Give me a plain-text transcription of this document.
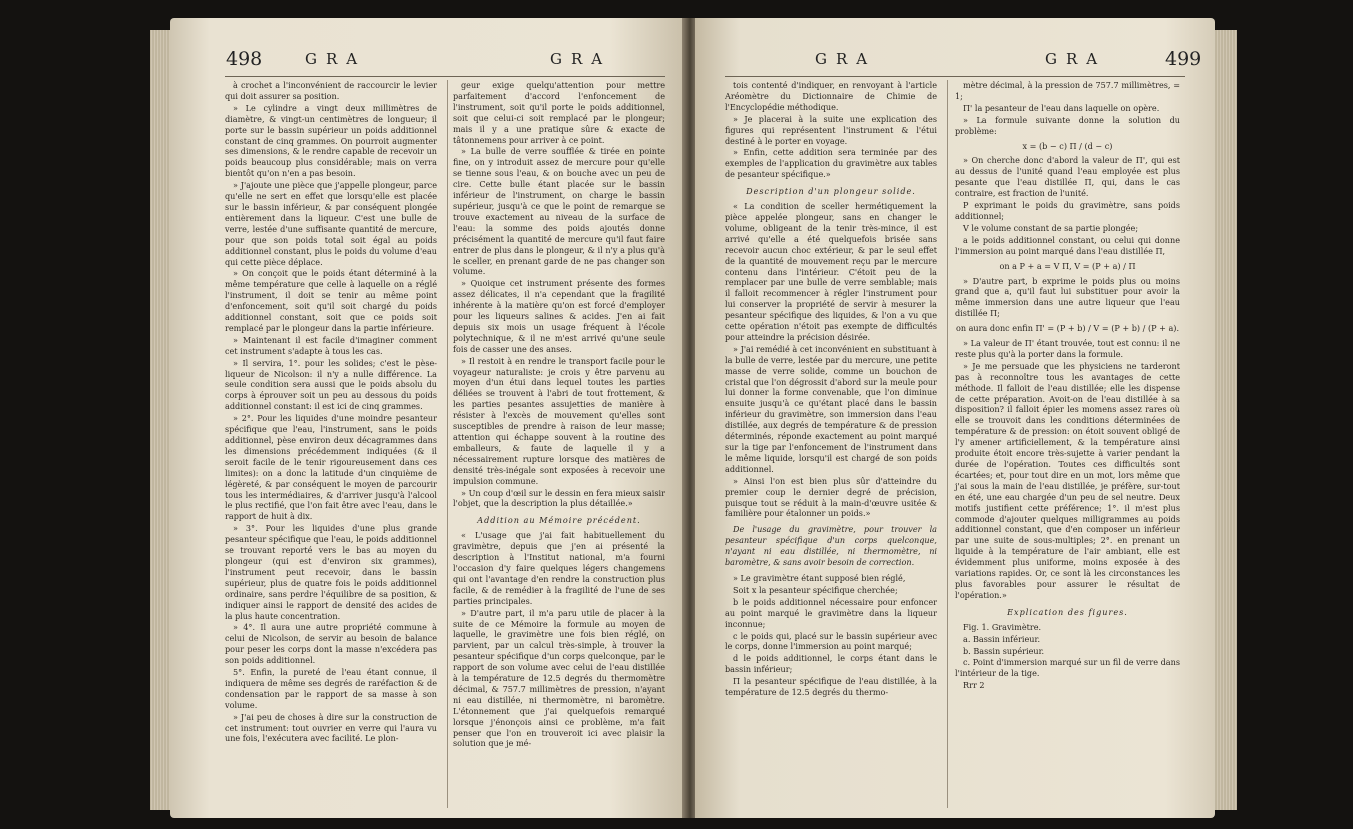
498	GRA	GRA

à crochet a l'inconvénient de raccourcir le levier qui doit assurer sa position.

» Le cylindre a vingt deux millimètres de diamètre, & vingt-un centimètres de longueur; il porte sur le bassin supérieur un poids additionnel constant de cinq grammes. On pourroit augmenter ses dimensions, & le rendre capable de recevoir un poids beaucoup plus considérable; mais on verra bientôt qu'on n'en a pas besoin.

» J'ajoute une pièce que j'appelle plongeur, parce qu'elle ne sert en effet que lorsqu'elle est placée sur le bassin inférieur, & par conséquent plongée entièrement dans la liqueur. C'est une bulle de verre, lestée d'une suffisante quantité de mercure, pour que son poids total soit égal au poids additionnel constant, plus le poids du volume d'eau qui cette pièce déplace.

» On conçoit que le poids étant déterminé à la même température que celle à laquelle on a réglé l'instrument, il doit se tenir au même point d'enfoncement, soit qu'il soit chargé du poids additionnel constant, soit que ce poids soit remplacé par le plongeur dans la partie inférieure.

» Maintenant il est facile d'imaginer comment cet instrument s'adapte à tous les cas.

» Il servira, 1°. pour les solides; c'est le pèse-liqueur de Nicolson: il n'y a nulle différence. La seule condition sera aussi que le poids absolu du corps à éprouver soit un peu au dessous du poids additionnel constant: il est ici de cinq grammes.

» 2°. Pour les liquides d'une moindre pesanteur spécifique que l'eau, l'instrument, sans le poids additionnel, pèse environ deux décagrammes dans les dimensions précédemment indiquées (& il seroit facile de le tenir rigoureusement dans ces limites): on a donc la latitude d'un cinquième de légèreté, & par conséquent le moyen de parcourir tous les intermédiaires, & d'arriver jusqu'à l'alcool le plus rectifié, que l'on fait être avec l'eau, dans le rapport de huit à dix.

» 3°. Pour les liquides d'une plus grande pesanteur spécifique que l'eau, le poids additionnel se trouvant reporté vers le bas au moyen du plongeur (qui est d'environ six grammes), l'instrument peut recevoir, dans le bassin supérieur, plus de quatre fois le poids additionnel ordinaire, sans perdre l'équilibre de sa position, & indiquer ainsi le rapport de densité des acides de la plus haute concentration.

» 4°. Il aura une autre propriété commune à celui de Nicolson, de servir au besoin de balance pour peser les corps dont la masse n'excédera pas son poids additionnel.

5°. Enfin, la pureté de l'eau étant connue, il indiquera de même ses degrés de raréfaction & de condensation par le rapport de sa masse à son volume.

» J'ai peu de choses à dire sur la construction de cet instrument: tout ouvrier en verre qui l'aura vu une fois, l'exécutera avec facilité. Le plon-

geur exige quelqu'attention pour mettre parfaitement d'accord l'enfoncement de l'instrument, soit qu'il porte le poids additionnel, soit que celui-ci soit remplacé par le plongeur; mais il y a une pratique sûre & exacte de tâtonnemens pour arriver à ce point.

» La bulle de verre soufflée & tirée en pointe fine, on y introduit assez de mercure pour qu'elle se tienne sous l'eau, & on bouche avec un peu de cire. Cette bulle étant placée sur le bassin inférieur de l'instrument, on charge le bassin supérieur, jusqu'à ce que le point de remarque se trouve exactement au niveau de la surface de l'eau: la somme des poids ajoutés donne précisément la quantité de mercure qu'il faut faire entrer de plus dans le plongeur, & il n'y a plus qu'à le sceller, en prenant garde de ne pas changer son volume.

» Quoique cet instrument présente des formes assez délicates, il n'a cependant que la fragilité inhérente à la matière qu'on est forcé d'employer pour les liqueurs salines & acides. J'en ai fait depuis six mois un usage fréquent à l'école polytechnique, & il ne m'est arrivé qu'une seule fois de casser une des anses.

» Il restoit à en rendre le transport facile pour le voyageur naturaliste: je crois y être parvenu au moyen d'un étui dans lequel toutes les parties déliées se trouvent à l'abri de tout frottement, & les parties pesantes assujetties de manière à résister à l'excès de mouvement qu'elles sont susceptibles de prendre à raison de leur masse; attention qui échappe souvent à la routine des emballeurs, & faute de laquelle il y a nécessairement rupture lorsque des matières de densité très-inégale sont exposées à recevoir une impulsion commune.

» Un coup d'œil sur le dessin en fera mieux saisir l'objet, que la description la plus détaillée.»

Addition au Mémoire précédent.

« L'usage que j'ai fait habituellement du gravimètre, depuis que j'en ai présenté la description à l'Institut national, m'a fourni l'occasion d'y faire quelques légers changemens qui ont l'avantage d'en rendre la construction plus facile, & de remédier à la fragilité de l'une de ses parties principales.

» D'autre part, il m'a paru utile de placer à la suite de ce Mémoire la formule au moyen de laquelle, le gravimètre une fois bien réglé, on parvient, par un calcul très-simple, à trouver la pesanteur spécifique d'un corps quelconque, par le rapport de son volume avec celui de l'eau distillée à la température de 12.5 degrés du thermomètre décimal, & 757.7 millimètres de pression, n'ayant ni eau distillée, ni thermomètre, ni baromètre. L'étonnement que j'ai quelquefois remarqué lorsque j'énonçois ainsi ce problème, m'a fait penser que l'on en trouveroit ici avec plaisir la solution que je mé-

GRA	GRA	499

tois contenté d'indiquer, en renvoyant à l'article Aréomètre du Dictionnaire de Chimie de l'Encyclopédie méthodique.

» Je placerai à la suite une explication des figures qui représentent l'instrument & l'étui destiné à le porter en voyage.

» Enfin, cette addition sera terminée par des exemples de l'application du gravimètre aux tables de pesanteur spécifique.»

Description d'un plongeur solide.

« La condition de sceller hermétiquement la pièce appelée plongeur, sans en changer le volume, obligeant de la tenir très-mince, il est arrivé qu'elle a été quelquefois brisée sans recevoir aucun choc extérieur, & par le seul effet de la quantité de mouvement reçu par le mercure contenu dans l'intérieur. C'étoit peu de la remplacer par une bulle de verre semblable; mais il falloit recommencer à régler l'instrument pour lui conserver la propriété de servir à mesurer la pesanteur spécifique des liquides, & l'on a vu que cette opération n'étoit pas exempte de difficultés pour atteindre la précision désirée.

» J'ai remédié à cet inconvénient en substituant à la bulle de verre, lestée par du mercure, une petite masse de verre solide, comme un bouchon de cristal que l'on dégrossit d'abord sur la meule pour lui donner la forme convenable, que l'on diminue ensuite jusqu'à ce qu'étant placé dans le bassin inférieur du gravimètre, son immersion dans l'eau distillée, aux degrés de température & de pression déterminés, réponde exactement au point marqué sur la tige par l'enfoncement de l'instrument dans le même liquide, lorsqu'il est chargé de son poids additionnel.

» Ainsi l'on est bien plus sûr d'atteindre du premier coup le dernier degré de précision, puisque tout se réduit à la main-d'œuvre usitée & familière pour étalonner un poids.»

De l'usage du gravimètre, pour trouver la pesanteur spécifique d'un corps quelconque, n'ayant ni eau distillée, ni thermomètre, ni baromètre, & sans avoir besoin de correction.

» Le gravimètre étant supposé bien réglé,

Soit x la pesanteur spécifique cherchée;

b le poids additionnel nécessaire pour enfoncer au point marqué le gravimètre dans la liqueur inconnue;

c le poids qui, placé sur le bassin supérieur avec le corps, donne l'immersion au point marqué;

d le poids additionnel, le corps étant dans le bassin inférieur;

Π la pesanteur spécifique de l'eau distillée, à la température de 12.5 degrés du thermo-

mètre décimal, à la pression de 757.7 millimètres, = 1;

Π' la pesanteur de l'eau dans laquelle on opère.

» La formule suivante donne la solution du problème:

x = (b − c) Π / (d − c)

» On cherche donc d'abord la valeur de Π', qui est au dessus de l'unité quand l'eau employée est plus pesante que l'eau distillée Π, qui, dans le cas contraire, est fraction de l'unité.

P exprimant le poids du gravimètre, sans poids additionnel;

V le volume constant de sa partie plongée;

a le poids additionnel constant, ou celui qui donne l'immersion au point marqué dans l'eau distillée Π,

on a P + a = V Π, V = (P + a) / Π

» D'autre part, b exprime le poids plus ou moins grand que a, qu'il faut lui substituer pour avoir la même immersion dans une autre liqueur que l'eau distillée Π;

on aura donc enfin Π' = (P + b) / V = (P + b) / (P + a).

» La valeur de Π' étant trouvée, tout est connu: il ne reste plus qu'à la porter dans la formule.

» Je me persuade que les physiciens ne tarderont pas à reconnoître tous les avantages de cette méthode. Il falloit de l'eau distillée; elle les dispense de cette préparation. Avoit-on de l'eau distillée à sa disposition? il falloit épier les momens assez rares où elle se trouvoit dans les conditions déterminées de température & de pression: on étoit souvent obligé de l'y amener artificiellement, & la température ainsi produite étoit encore très-sujette à varier pendant la durée de l'opération. Toutes ces difficultés sont écartées; et, pour tout dire en un mot, lors même que j'ai sous la main de l'eau distillée, je préfère, sur-tout en été, une eau chargée d'un peu de sel neutre. Deux motifs justifient cette préférence; 1°. il m'est plus commode d'ajouter quelques milligrammes au poids additionnel constant, que d'en composer un inférieur par une suite de sous-multiples; 2°. en prenant un liquide à la température de l'air ambiant, elle est évidemment plus uniforme, moins exposée à des variations rapides. Or, ce sont là les circonstances les plus favorables pour assurer le résultat de l'opération.»

Explication des figures.

Fig. 1. Gravimètre.

a. Bassin inférieur.

b. Bassin supérieur.

c. Point d'immersion marqué sur un fil de verre dans l'intérieur de la tige.

Rrr 2
